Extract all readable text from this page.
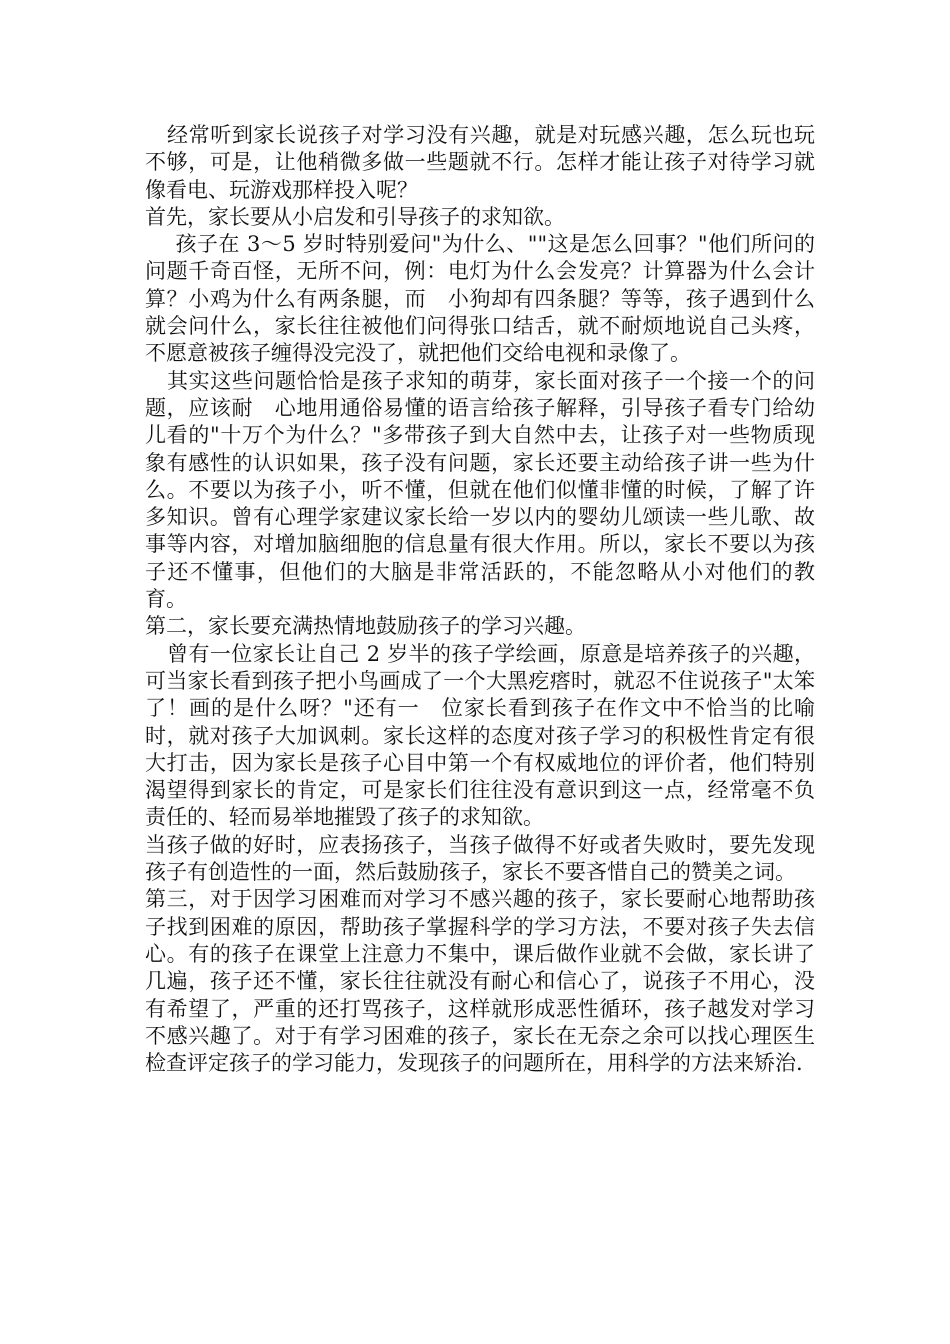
经常听到家长说孩子对学习没有兴趣，就是对玩感兴趣，怎么玩也玩不够，可是，让他稍微多做一些题就不行。怎样才能让孩子对待学习就像看电、玩游戏那样投入呢？

首先，家长要从小启发和引导孩子的求知欲。

孩子在 3～5 岁时特别爱问"为什么、""这是怎么回事？"他们所问的问题千奇百怪，无所不问，例：电灯为什么会发亮？计算器为什么会计算？小鸡为什么有两条腿，而　小狗却有四条腿？等等，孩子遇到什么就会问什么，家长往往被他们问得张口结舌，就不耐烦地说自己头疼，不愿意被孩子缠得没完没了，就把他们交给电视和录像了。

其实这些问题恰恰是孩子求知的萌芽，家长面对孩子一个接一个的问题，应该耐　心地用通俗易懂的语言给孩子解释，引导孩子看专门给幼儿看的"十万个为什么？"多带孩子到大自然中去，让孩子对一些物质现象有感性的认识如果，孩子没有问题，家长还要主动给孩子讲一些为什么。不要以为孩子小，听不懂，但就在他们似懂非懂的时候，了解了许多知识。曾有心理学家建议家长给一岁以内的婴幼儿颂读一些儿歌、故事等内容，对增加脑细胞的信息量有很大作用。所以，家长不要以为孩子还不懂事，但他们的大脑是非常活跃的，不能忽略从小对他们的教育。

第二，家长要充满热情地鼓励孩子的学习兴趣。

曾有一位家长让自己 2 岁半的孩子学绘画，原意是培养孩子的兴趣，可当家长看到孩子把小鸟画成了一个大黑疙瘩时，就忍不住说孩子"太笨了！画的是什么呀？"还有一　位家长看到孩子在作文中不恰当的比喻时，就对孩子大加讽刺。家长这样的态度对孩子学习的积极性肯定有很大打击，因为家长是孩子心目中第一个有权威地位的评价者，他们特别渴望得到家长的肯定，可是家长们往往没有意识到这一点，经常毫不负责任的、轻而易举地摧毁了孩子的求知欲。

当孩子做的好时，应表扬孩子，当孩子做得不好或者失败时，要先发现孩子有创造性的一面，然后鼓励孩子，家长不要吝惜自己的赞美之词。

第三，对于因学习困难而对学习不感兴趣的孩子，家长要耐心地帮助孩子找到困难的原因，帮助孩子掌握科学的学习方法，不要对孩子失去信心。有的孩子在课堂上注意力不集中，课后做作业就不会做，家长讲了几遍，孩子还不懂，家长往往就没有耐心和信心了，说孩子不用心，没有希望了，严重的还打骂孩子，这样就形成恶性循环，孩子越发对学习不感兴趣了。对于有学习困难的孩子，家长在无奈之余可以找心理医生检查评定孩子的学习能力，发现孩子的问题所在，用科学的方法来矫治.
